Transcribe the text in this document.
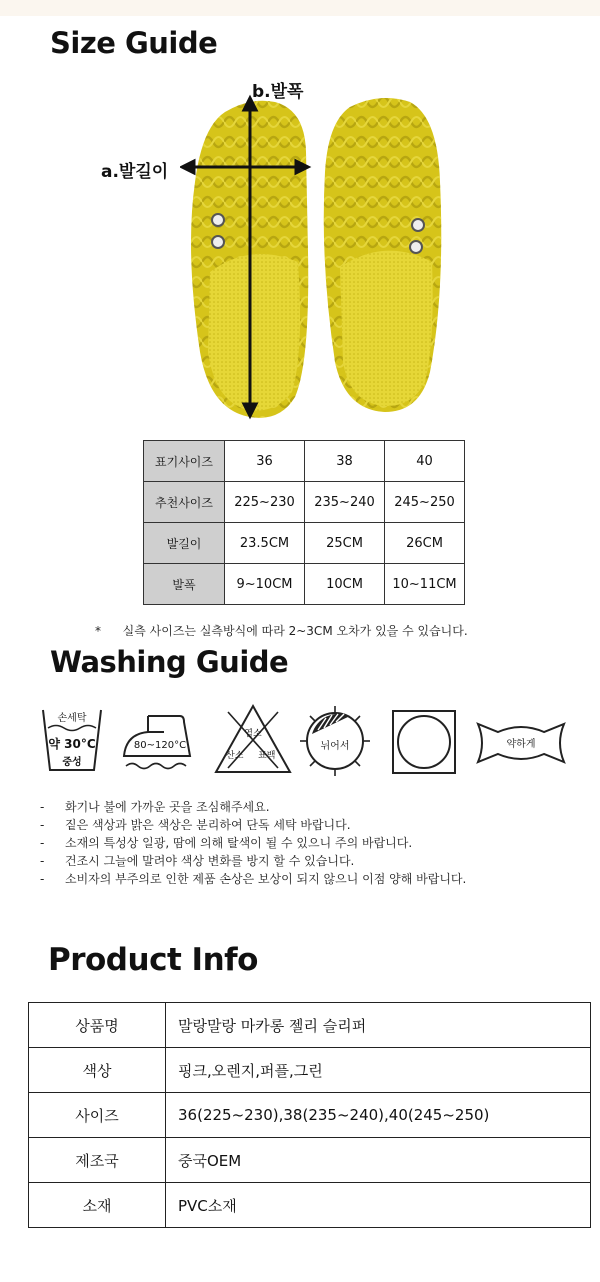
Size Guide
b.발폭
a.발길이
표기사이즈	36	38	40
추천사이즈	225~230	235~240	245~250
발길이	23.5CM	25CM	26CM
발폭	9~10CM	10CM	10~11CM
* 실측 사이즈는 실측방식에 따라 2~3CM 오차가 있을 수 있습니다.
Washing Guide
손세탁
약 30°C
중성
80~120°C
염소
산소 표백
뉘어서	약하게
- 화기나 불에 가까운 곳을 조심해주세요.
- 짙은 색상과 밝은 색상은 분리하여 단독 세탁 바랍니다.
- 소재의 특성상 일광, 땀에 의해 탈색이 될 수 있으니 주의 바랍니다.
- 건조시 그늘에 말려야 색상 변화를 방지 할 수 있습니다.
- 소비자의 부주의로 인한 제품 손상은 보상이 되지 않으니 이점 양해 바랍니다.
Product Info
상품명	말랑말랑 마카롱 젤리 슬리퍼
색상	핑크,오렌지,퍼플,그린
사이즈	36(225~230),38(235~240),40(245~250)
제조국	중국OEM
소재	PVC소재
